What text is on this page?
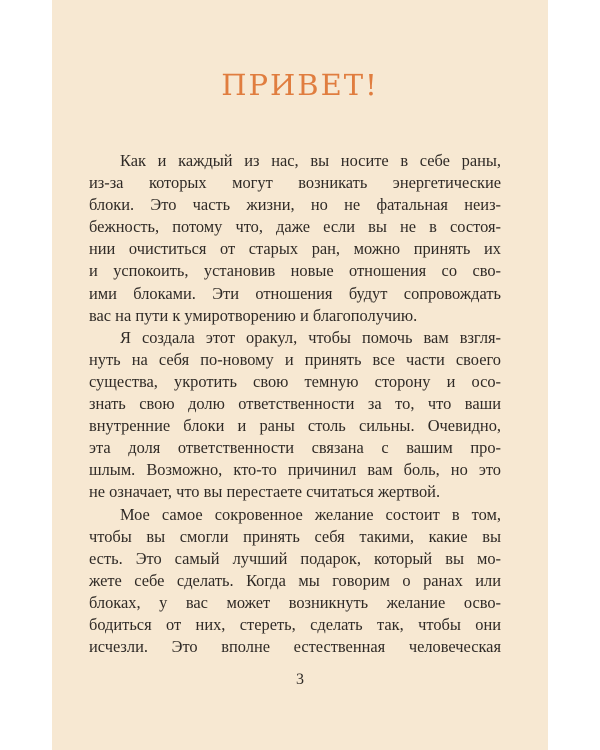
ПРИВЕТ!
Как и каждый из нас, вы носите в себе раны,
из-за которых могут возникать энергетические
блоки. Это часть жизни, но не фатальная неиз-
бежность, потому что, даже если вы не в состоя-
нии очиститься от старых ран, можно принять их
и успокоить, установив новые отношения со сво-
ими блоками. Эти отношения будут сопровождать
вас на пути к умиротворению и благополучию.
Я создала этот оракул, чтобы помочь вам взгля-
нуть на себя по-новому и принять все части своего
существа, укротить свою темную сторону и осо-
знать свою долю ответственности за то, что ваши
внутренние блоки и раны столь сильны. Очевидно,
эта доля ответственности связана с вашим про-
шлым. Возможно, кто-то причинил вам боль, но это
не означает, что вы перестаете считаться жертвой.
Мое самое сокровенное желание состоит в том,
чтобы вы смогли принять себя такими, какие вы
есть. Это самый лучший подарок, который вы мо-
жете себе сделать. Когда мы говорим о ранах или
блоках, у вас может возникнуть желание осво-
бодиться от них, стереть, сделать так, чтобы они
исчезли. Это вполне естественная человеческая
3
